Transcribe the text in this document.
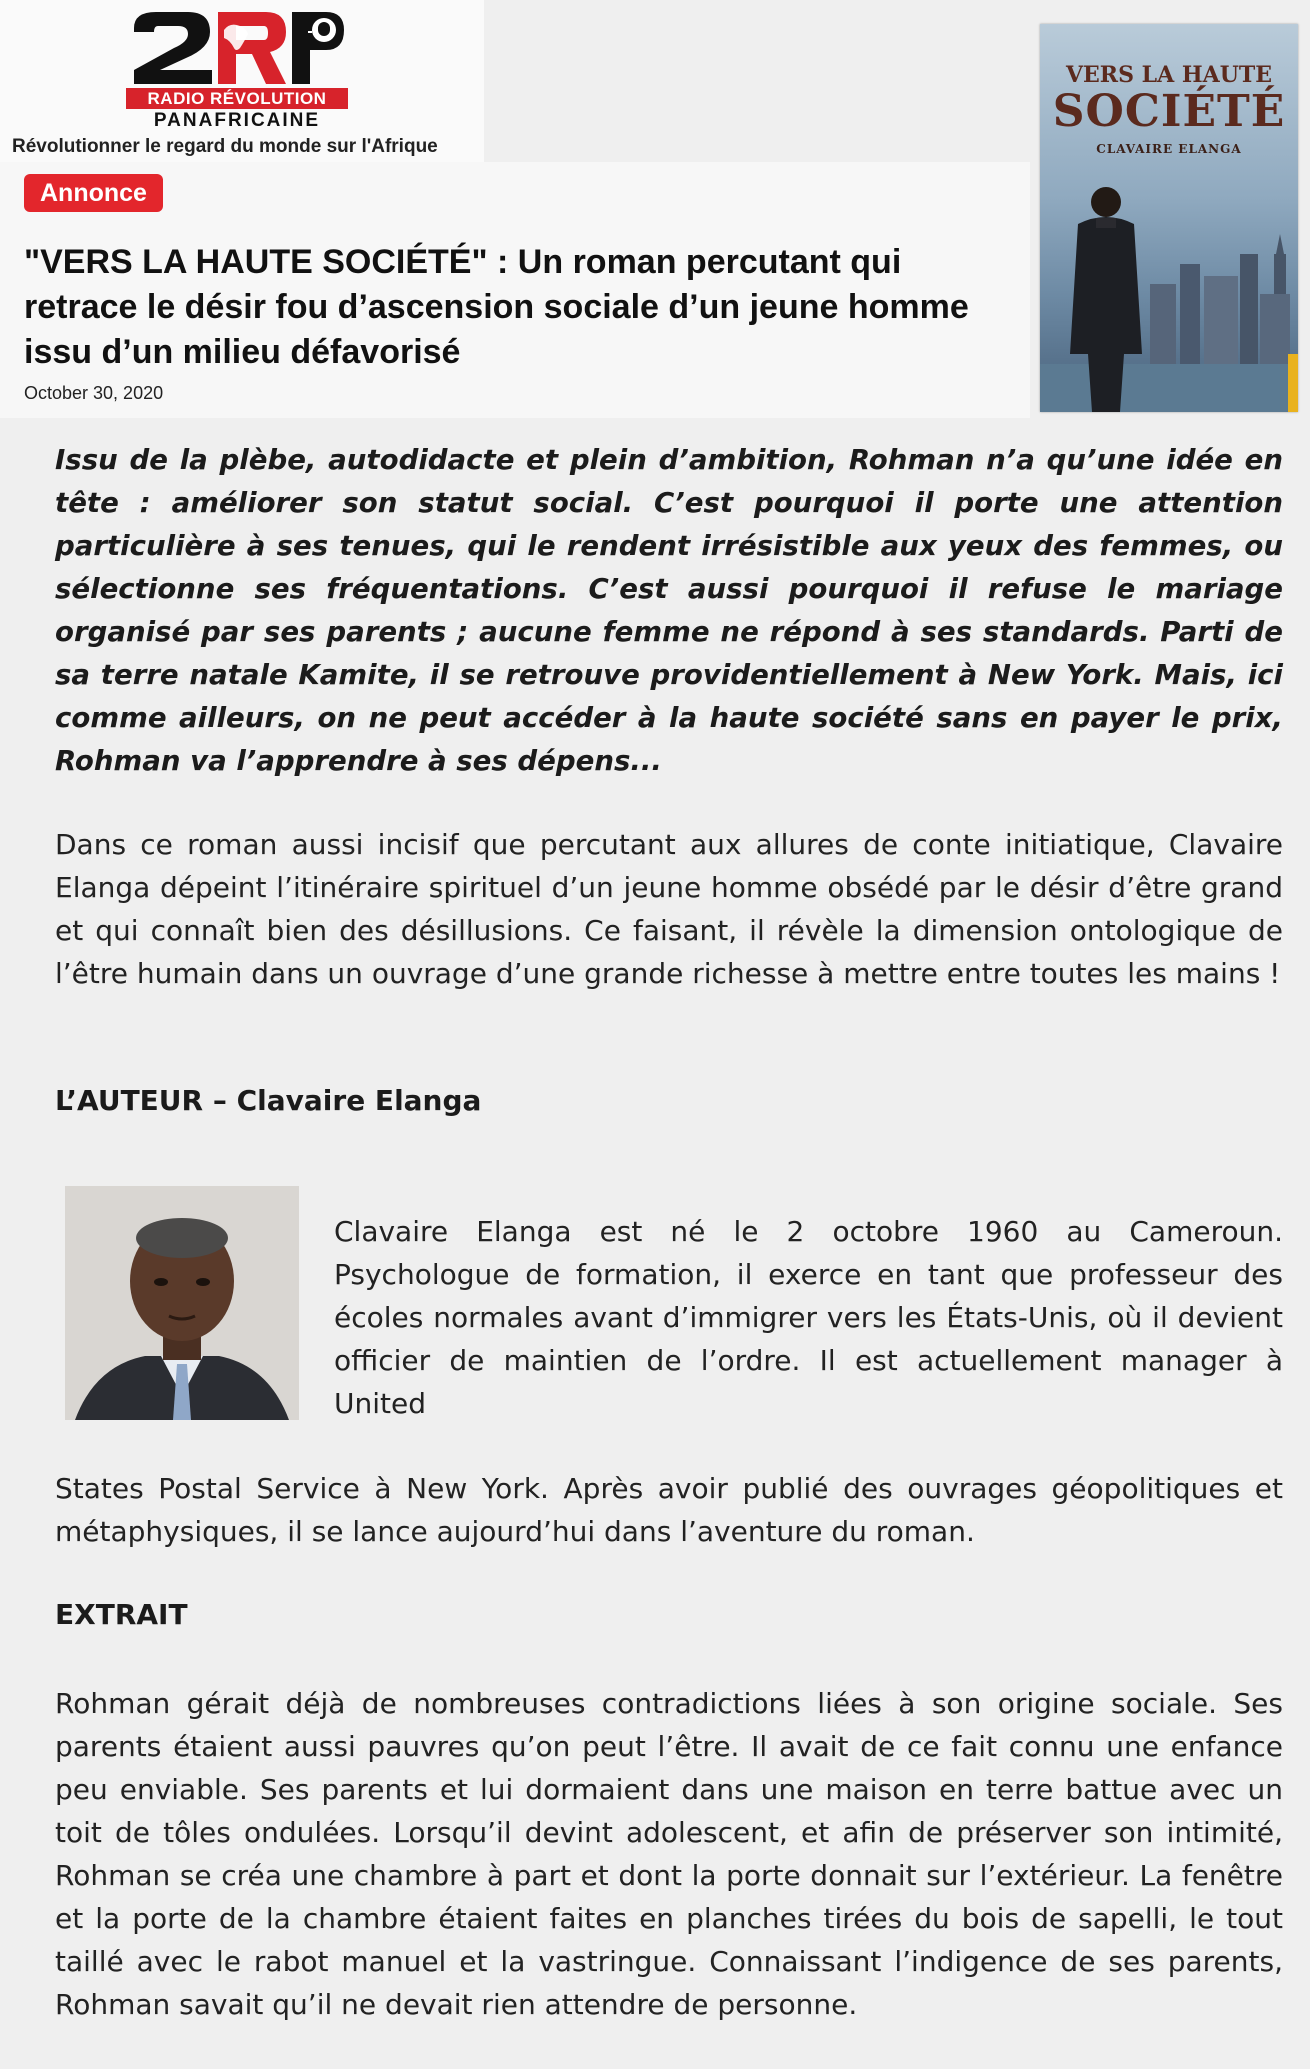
RADIO RÉVOLUTION
PANAFRICAINE
Révolutionner le regard du monde sur l'Afrique
Annonce
"VERS LA HAUTE SOCIÉTÉ" : Un roman percutant qui retrace le désir fou d’ascension sociale d’un jeune homme issu d’un milieu défavorisé
October 30, 2020
VERS LA HAUTE
SOCIÉTÉ
CLAVAIRE ELANGA

Issu de la plèbe, autodidacte et plein d’ambition, Rohman n’a qu’une idée en tête : améliorer son statut social. C’est pourquoi il porte une attention particulière à ses tenues, qui le rendent irrésistible aux yeux des femmes, ou sélectionne ses fréquentations. C’est aussi pourquoi il refuse le mariage organisé par ses parents ; aucune femme ne répond à ses standards. Parti de sa terre natale Kamite, il se retrouve providentiellement à New York. Mais, ici comme ailleurs, on ne peut accéder à la haute société sans en payer le prix, Rohman va l’apprendre à ses dépens...

Dans ce roman aussi incisif que percutant aux allures de conte initiatique, Clavaire Elanga dépeint l’itinéraire spirituel d’un jeune homme obsédé par le désir d’être grand et qui connaît bien des désillusions. Ce faisant, il révèle la dimension ontologique de l’être humain dans un ouvrage d’une grande richesse à mettre entre toutes les mains !

L’AUTEUR – Clavaire Elanga

Clavaire Elanga est né le 2 octobre 1960 au Cameroun. Psychologue de formation, il exerce en tant que professeur des écoles normales avant d’immigrer vers les États-Unis, où il devient officier de maintien de l’ordre. Il est actuellement manager à United

States Postal Service à New York. Après avoir publié des ouvrages géopolitiques et métaphysiques, il se lance aujourd’hui dans l’aventure du roman.

EXTRAIT

Rohman gérait déjà de nombreuses contradictions liées à son origine sociale. Ses parents étaient aussi pauvres qu’on peut l’être. Il avait de ce fait connu une enfance peu enviable. Ses parents et lui dormaient dans une maison en terre battue avec un toit de tôles ondulées. Lorsqu’il devint adolescent, et afin de préserver son intimité, Rohman se créa une chambre à part et dont la porte donnait sur l’extérieur. La fenêtre et la porte de la chambre étaient faites en planches tirées du bois de sapelli, le tout taillé avec le rabot manuel et la vastringue. Connaissant l’indigence de ses parents, Rohman savait qu’il ne devait rien attendre de personne.
